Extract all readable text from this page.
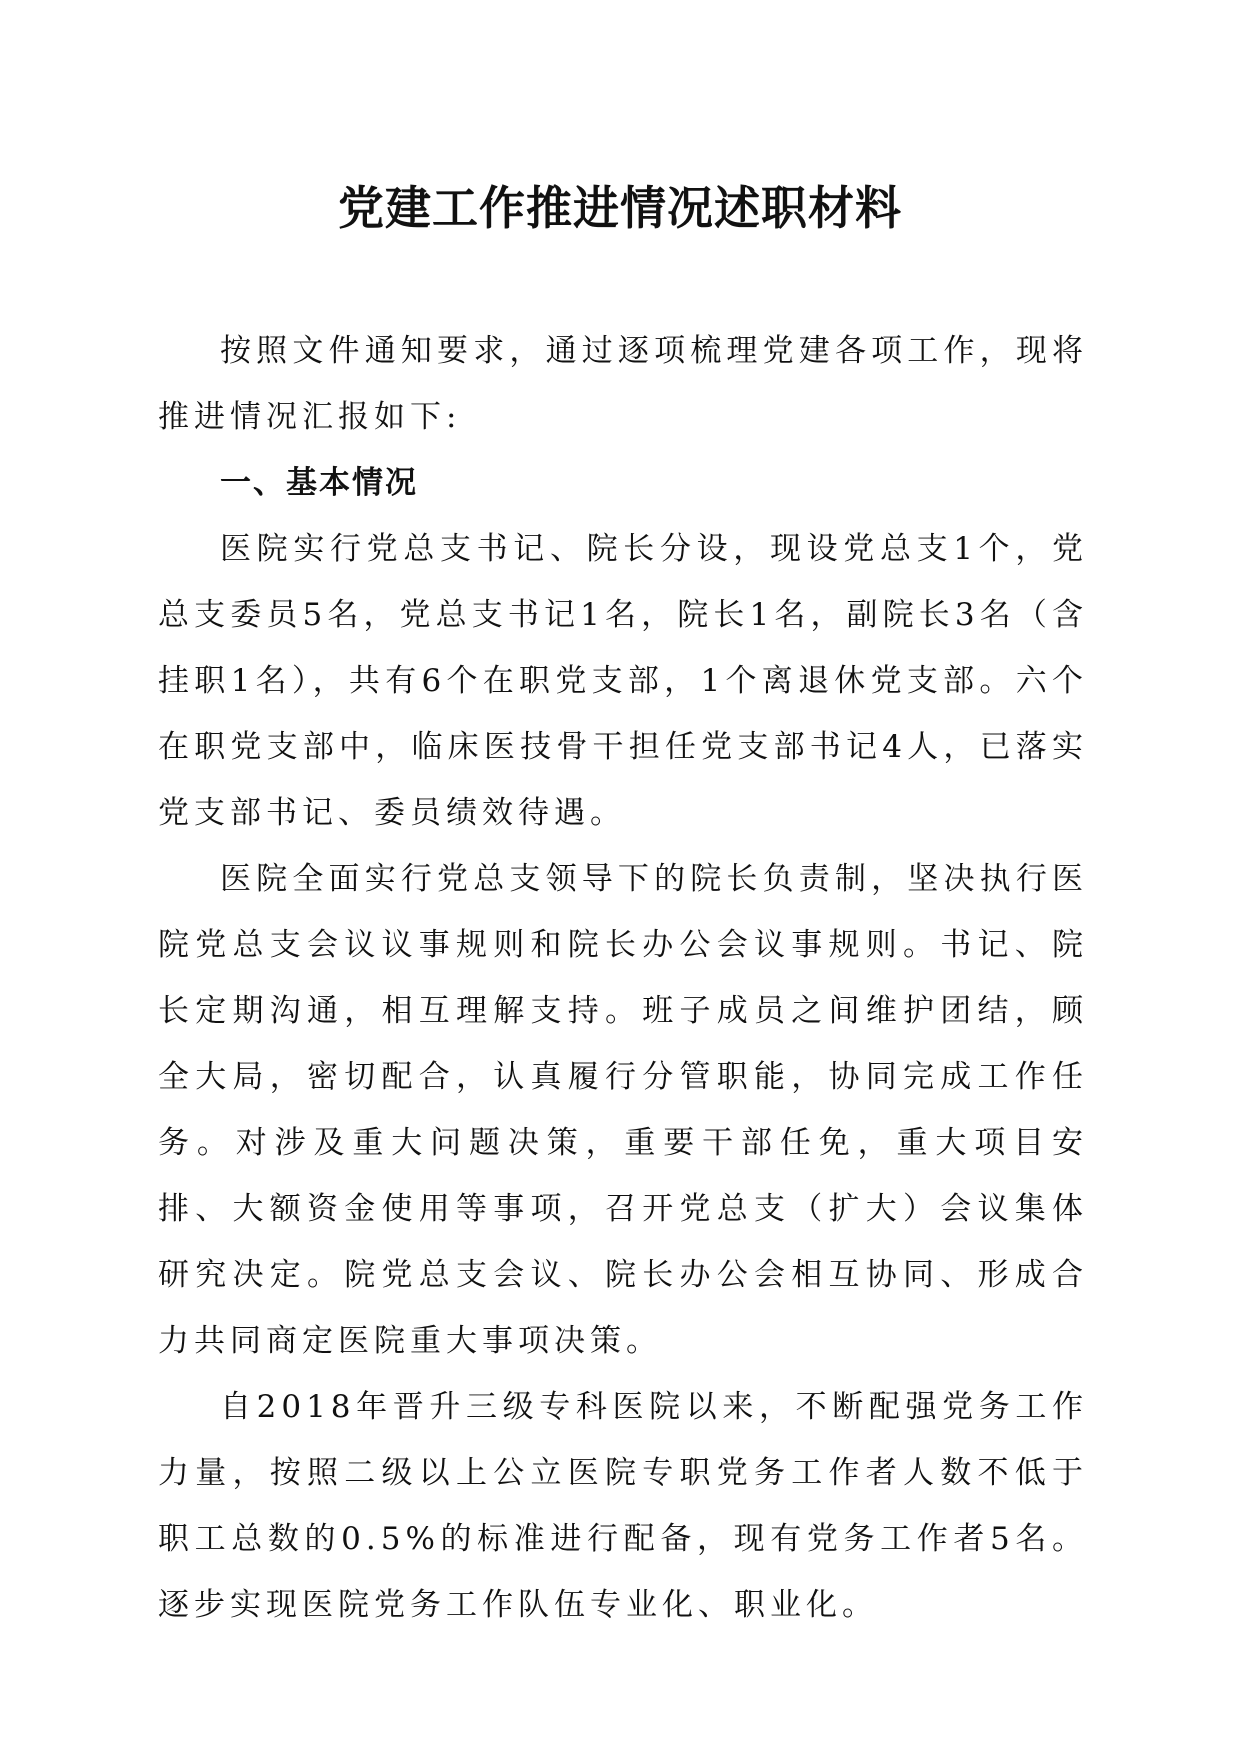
党建工作推进情况述职材料

按照文件通知要求，通过逐项梳理党建各项工作，现将推进情况汇报如下:

一、基本情况

医院实行党总支书记、院长分设，现设党总支1个，党总支委员5名，党总支书记1名，院长1名，副院长3名（含挂职1名），共有6个在职党支部，1个离退休党支部。六个在职党支部中，临床医技骨干担任党支部书记4人，已落实党支部书记、委员绩效待遇。

医院全面实行党总支领导下的院长负责制，坚决执行医院党总支会议议事规则和院长办公会议事规则。书记、院长定期沟通，相互理解支持。班子成员之间维护团结，顾全大局，密切配合，认真履行分管职能，协同完成工作任务。对涉及重大问题决策，重要干部任免，重大项目安排、大额资金使用等事项，召开党总支（扩大）会议集体研究决定。院党总支会议、院长办公会相互协同、形成合力共同商定医院重大事项决策。

自2018年晋升三级专科医院以来，不断配强党务工作力量，按照二级以上公立医院专职党务工作者人数不低于职工总数的0.5%的标准进行配备，现有党务工作者5名。逐步实现医院党务工作队伍专业化、职业化。
